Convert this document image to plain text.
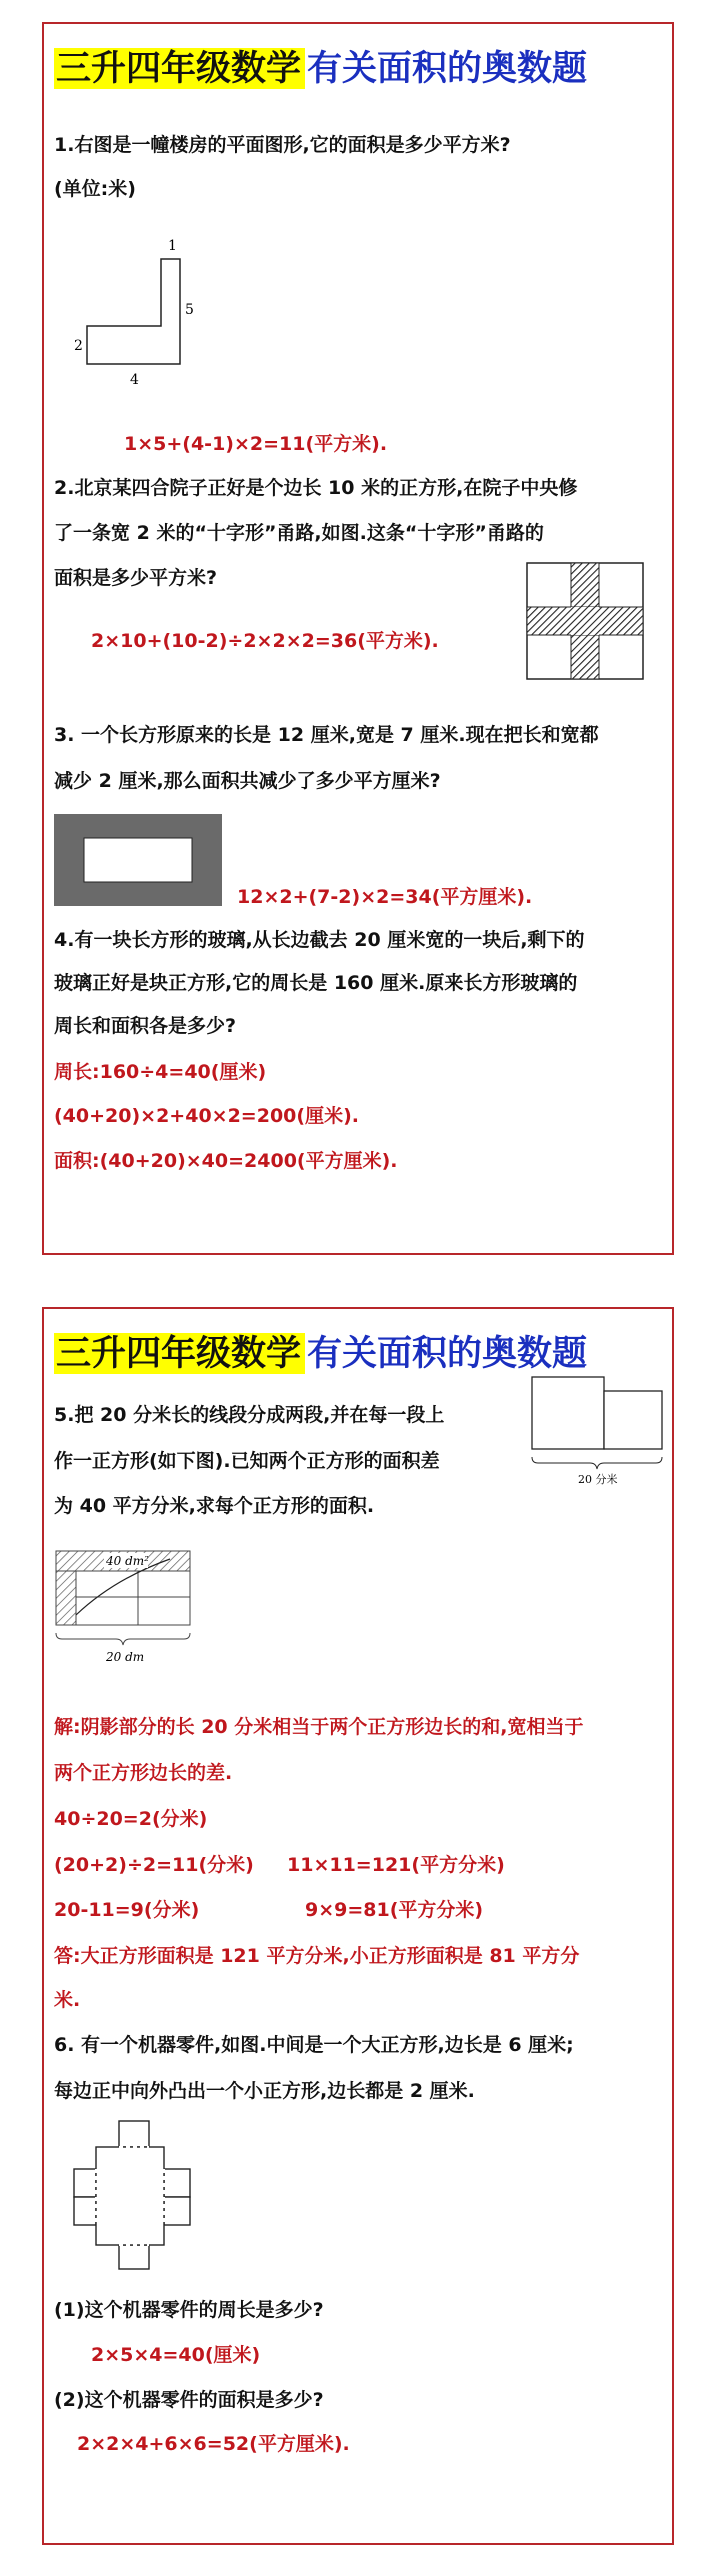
三升四年级数学 有关面积的奥数题
1.右图是一幢楼房的平面图形,它的面积是多少平方米?
(单位:米)
1
5
2
4
1×5+(4-1)×2=11(平方米).
2.北京某四合院子正好是个边长 10 米的正方形,在院子中央修
了一条宽 2 米的“十字形”甬路,如图.这条“十字形”甬路的
面积是多少平方米?
2×10+(10-2)÷2×2×2=36(平方米).
3. 一个长方形原来的长是 12 厘米,宽是 7 厘米.现在把长和宽都
减少 2 厘米,那么面积共减少了多少平方厘米?
12×2+(7-2)×2=34(平方厘米).
4.有一块长方形的玻璃,从长边截去 20 厘米宽的一块后,剩下的
玻璃正好是块正方形,它的周长是 160 厘米.原来长方形玻璃的
周长和面积各是多少?
周长:160÷4=40(厘米)
(40+20)×2+40×2=200(厘米).
面积:(40+20)×40=2400(平方厘米).
三升四年级数学 有关面积的奥数题
5.把 20 分米长的线段分成两段,并在每一段上
作一正方形(如下图).已知两个正方形的面积差
为 40 平方分米,求每个正方形的面积.
20 分米
40 dm²
20 dm
解:阴影部分的长 20 分米相当于两个正方形边长的和,宽相当于
两个正方形边长的差.
40÷20=2(分米)
(20+2)÷2=11(分米) 11×11=121(平方分米)
20-11=9(分米)	9×9=81(平方分米)
答:大正方形面积是 121 平方分米,小正方形面积是 81 平方分
米.
6. 有一个机器零件,如图.中间是一个大正方形,边长是 6 厘米;
每边正中向外凸出一个小正方形,边长都是 2 厘米.
(1)这个机器零件的周长是多少?
2×5×4=40(厘米)
(2)这个机器零件的面积是多少?
2×2×4+6×6=52(平方厘米).
